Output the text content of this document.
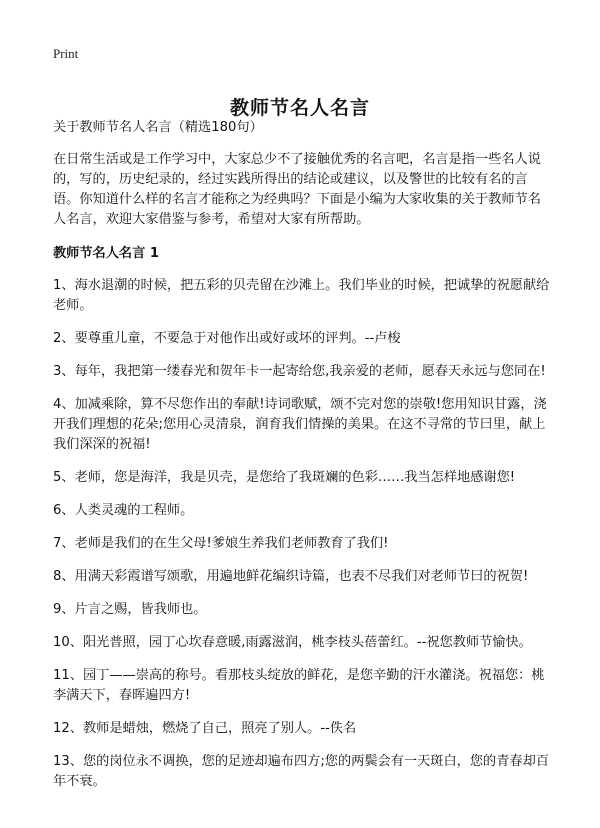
Print
教师节名人名言

关于教师节名人名言（精选180句）

在日常生活或是工作学习中，大家总少不了接触优秀的名言吧，名言是指一些名人说的，写的，历史纪录的，经过实践所得出的结论或建议，以及警世的比较有名的言语。你知道什么样的名言才能称之为经典吗？下面是小编为大家收集的关于教师节名人名言，欢迎大家借鉴与参考，希望对大家有所帮助。

教师节名人名言 1

1、海水退潮的时候，把五彩的贝壳留在沙滩上。我们毕业的时候，把诚挚的祝愿献给老师。

2、要尊重儿童，不要急于对他作出或好或坏的评判。--卢梭

3、每年，我把第一缕春光和贺年卡一起寄给您,我亲爱的老师，愿春天永远与您同在!

4、加减乘除，算不尽您作出的奉献!诗词歌赋，颂不完对您的崇敬!您用知识甘露，浇开我们理想的花朵;您用心灵清泉，润育我们情操的美果。在这不寻常的节曰里，献上我们深深的祝福!

5、老师，您是海洋，我是贝壳，是您给了我斑斓的色彩……我当怎样地感谢您!

6、人类灵魂的工程师。

7、老师是我们的在生父母!爹娘生养我们老师教育了我们!

8、用满天彩霞谱写颂歌，用遍地鲜花编织诗篇，也表不尽我们对老师节曰的祝贺!

9、片言之赐，皆我师也。

10、阳光普照，园丁心坎春意暖,雨露滋润，桃李枝头蓓蕾红。--祝您教师节愉快。

11、园丁——崇高的称号。看那枝头绽放的鲜花，是您辛勤的汗水灌浇。祝福您：桃李满天下，春晖遍四方!

12、教师是蜡烛，燃烧了自己，照亮了别人。--佚名

13、您的岗位永不调换，您的足迹却遍布四方;您的两鬓会有一天斑白，您的青春却百年不衰。
